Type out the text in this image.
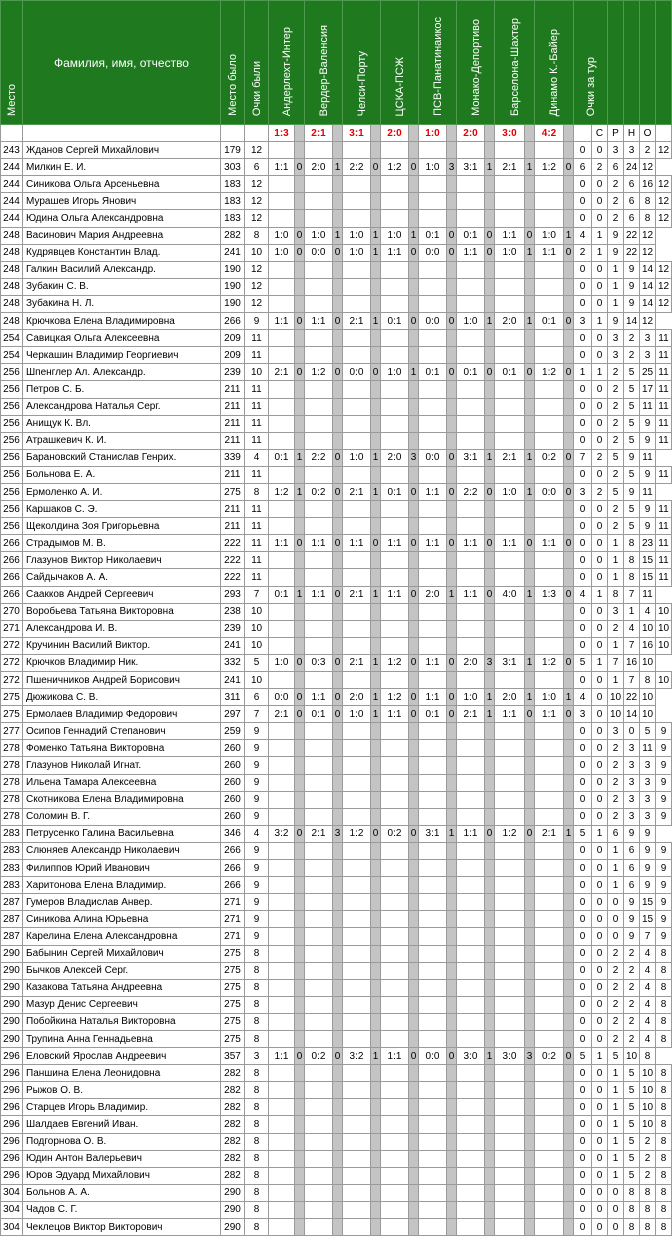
Место	Фамилия, имя, отчество	Место было	Очки были	Андерлехт-Интер		Вердер-Валенсия		Челси-Порту		ЦСКА-ПСЖ		ПСВ-Панатинаикос		Монако-Депортиво		Барселона-Шахтер		Динамо К.-Байер		Очки за тур					
				1:3		2:1		3:1		2:0		1:0		2:0		3:0		4:2			С	Р	Н	О	
243	Жданов Сергей Михайлович	179	12																	0	0	3	3	2	12
244	Милкин Е. И.	303	6	1:1	0	2:0	1	2:2	0	1:2	0	1:0	3	3:1	1	2:1	1	1:2	0	6	2	6	24	12	
244	Синикова Ольга Арсеньевна	183	12																	0	0	2	6	16	12
244	Мурашев Игорь Янович	183	12																	0	0	2	6	8	12
244	Юдина Ольга Александровна	183	12																	0	0	2	6	8	12
248	Васинович Мария Андреевна	282	8	1:0	0	1:0	1	1:0	1	1:0	1	0:1	0	0:1	0	1:1	0	1:0	1	4	1	9	22	12	
248	Кудрявцев Константин Влад.	241	10	1:0	0	0:0	0	1:0	1	1:1	0	0:0	0	1:1	0	1:0	1	1:1	0	2	1	9	22	12	
248	Галкин Василий Александр.	190	12																	0	0	1	9	14	12
248	Зубакин С. В.	190	12																	0	0	1	9	14	12
248	Зубакина Н. Л.	190	12																	0	0	1	9	14	12
248	Крючкова Елена Владимировна	266	9	1:1	0	1:1	0	2:1	1	0:1	0	0:0	0	1:0	1	2:0	1	0:1	0	3	1	9	14	12	
254	Савицкая Ольга Алексеевна	209	11																	0	0	3	2	3	11
254	Черкашин Владимир Георгиевич	209	11																	0	0	3	2	3	11
256	Шпенглер Ал. Александр.	239	10	2:1	0	1:2	0	0:0	0	1:0	1	0:1	0	0:1	0	0:1	0	1:2	0	1	1	2	5	25	11
256	Петров С. Б.	211	11																	0	0	2	5	17	11
256	Александрова Наталья Серг.	211	11																	0	0	2	5	11	11
256	Анищук К. Вл.	211	11																	0	0	2	5	9	11
256	Атрашкевич К. И.	211	11																	0	0	2	5	9	11
256	Барановский Станислав Генрих.	339	4	0:1	1	2:2	0	1:0	1	2:0	3	0:0	0	3:1	1	2:1	1	0:2	0	7	2	5	9	11	
256	Больнова Е. А.	211	11																	0	0	2	5	9	11
256	Ермоленко А. И.	275	8	1:2	1	0:2	0	2:1	1	0:1	0	1:1	0	2:2	0	1:0	1	0:0	0	3	2	5	9	11	
256	Каршаков С. Э.	211	11																	0	0	2	5	9	11
256	Щеколдина Зоя Григорьевна	211	11																	0	0	2	5	9	11
266	Страдымов М. В.	222	11	1:1	0	1:1	0	1:1	0	1:1	0	1:1	0	1:1	0	1:1	0	1:1	0	0	0	1	8	23	11
266	Глазунов Виктор Николаевич	222	11																	0	0	1	8	15	11
266	Сайдычаков А. А.	222	11																	0	0	1	8	15	11
266	Саакков Андрей Сергеевич	293	7	0:1	1	1:1	0	2:1	1	1:1	0	2:0	1	1:1	0	4:0	1	1:3	0	4	1	8	7	11	
270	Воробьева Татьяна Викторовна	238	10																	0	0	3	1	4	10
271	Александрова И. В.	239	10																	0	0	2	4	10	10
272	Кручинин Василий Виктор.	241	10																	0	0	1	7	16	10
272	Крючков Владимир Ник.	332	5	1:0	0	0:3	0	2:1	1	1:2	0	1:1	0	2:0	3	3:1	1	1:2	0	5	1	7	16	10	
272	Пшеничников Андрей Борисович	241	10																	0	0	1	7	8	10
275	Дюжикова С. В.	311	6	0:0	0	1:1	0	2:0	1	1:2	0	1:1	0	1:0	1	2:0	1	1:0	1	4	0	10	22	10	
275	Ермолаев Владимир Федорович	297	7	2:1	0	0:1	0	1:0	1	1:1	0	0:1	0	2:1	1	1:1	0	1:1	0	3	0	10	14	10	
277	Осипов Геннадий Степанович	259	9																	0	0	3	0	5	9
278	Фоменко Татьяна Викторовна	260	9																	0	0	2	3	11	9
278	Глазунов Николай Игнат.	260	9																	0	0	2	3	3	9
278	Ильена Тамара Алексеевна	260	9																	0	0	2	3	3	9
278	Скотникова Елена Владимировна	260	9																	0	0	2	3	3	9
278	Соломин В. Г.	260	9																	0	0	2	3	3	9
283	Петрусенко Галина Васильевна	346	4	3:2	0	2:1	3	1:2	0	0:2	0	3:1	1	1:1	0	1:2	0	2:1	1	5	1	6	9	9	
283	Слюняев Александр Николаевич	266	9																	0	0	1	6	9	9
283	Филиппов Юрий Иванович	266	9																	0	0	1	6	9	9
283	Харитонова Елена Владимир.	266	9																	0	0	1	6	9	9
287	Гумеров Владислав Анвер.	271	9																	0	0	0	9	15	9
287	Синикова Алина Юрьевна	271	9																	0	0	0	9	15	9
287	Карелина Елена Александровна	271	9																	0	0	0	9	7	9
290	Бабынин Сергей Михайлович	275	8																	0	0	2	2	4	8
290	Бычков Алексей Серг.	275	8																	0	0	2	2	4	8
290	Казакова Татьяна Андреевна	275	8																	0	0	2	2	4	8
290	Мазур Денис Сергеевич	275	8																	0	0	2	2	4	8
290	Побойкина Наталья Викторовна	275	8																	0	0	2	2	4	8
290	Трупина Анна Геннадьевна	275	8																	0	0	2	2	4	8
296	Еловский Ярослав Андреевич	357	3	1:1	0	0:2	0	3:2	1	1:1	0	0:0	0	3:0	1	3:0	3	0:2	0	5	1	5	10	8	
296	Паншина Елена Леонидовна	282	8																	0	0	1	5	10	8
296	Рыжов О. В.	282	8																	0	0	1	5	10	8
296	Старцев Игорь Владимир.	282	8																	0	0	1	5	10	8
296	Шалдаев Евгений Иван.	282	8																	0	0	1	5	10	8
296	Подгорнова О. В.	282	8																	0	0	1	5	2	8
296	Юдин Антон Валерьевич	282	8																	0	0	1	5	2	8
296	Юров Эдуард Михайлович	282	8																	0	0	1	5	2	8
304	Больнов А. А.	290	8																	0	0	0	8	8	8
304	Чадов С. Г.	290	8																	0	0	0	8	8	8
304	Чеклецов Виктор Викторович	290	8																	0	0	0	8	8	8
